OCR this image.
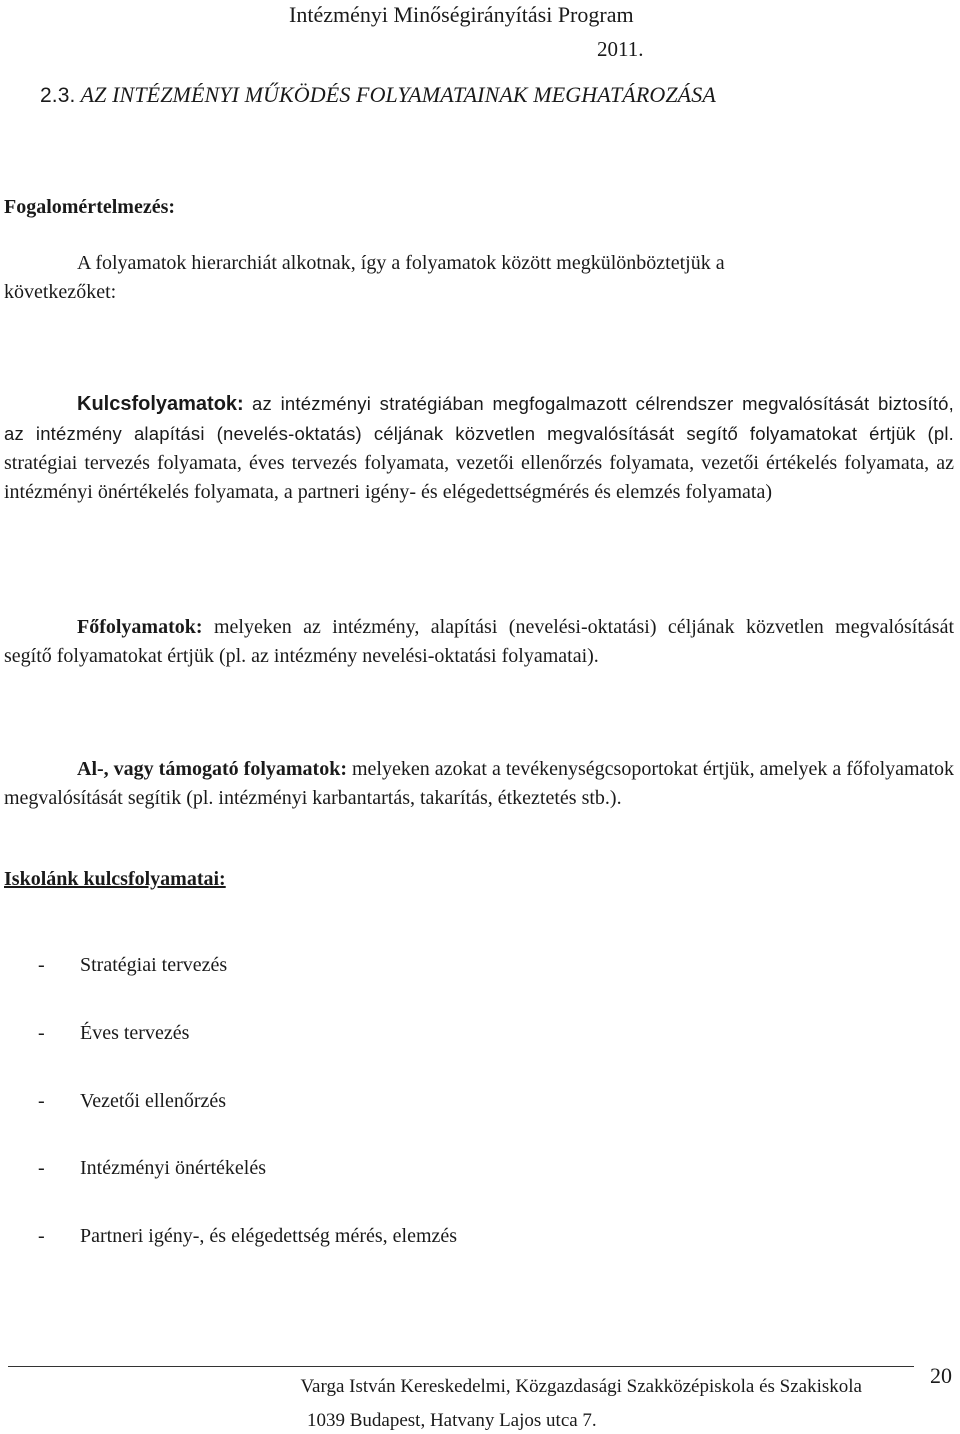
Intézményi Minőségirányítási Program
2011.
2.3. AZ INTÉZMÉNYI MŰKÖDÉS FOLYAMATAINAK MEGHATÁROZÁSA
Fogalomértelmezés:
A folyamatok hierarchiát alkotnak, így a folyamatok között megkülönböztetjük a
következőket:
Kulcsfolyamatok: az intézményi stratégiában megfogalmazott célrendszer megvalósítását biztosító, az intézmény alapítási (nevelés-oktatás) céljának közvetlen megvalósítását segítő folyamatokat értjük (pl. stratégiai tervezés folyamata, éves tervezés folyamata, vezetői ellenőrzés folyamata, vezetői értékelés folyamata, az intézményi önértékelés folyamata, a partneri igény- és elégedettségmérés és elemzés folyamata)
Főfolyamatok: melyeken az intézmény, alapítási (nevelési-oktatási) céljának közvetlen megvalósítását segítő folyamatokat értjük (pl. az intézmény nevelési-oktatási folyamatai).
Al-, vagy támogató folyamatok: melyeken azokat a tevékenységcsoportokat értjük, amelyek a főfolyamatok megvalósítását segítik (pl. intézményi karbantartás, takarítás, étkeztetés stb.).
Iskolánk kulcsfolyamatai:
- Stratégiai tervezés
- Éves tervezés
- Vezetői ellenőrzés
- Intézményi önértékelés
- Partneri igény-, és elégedettség mérés, elemzés
Varga István Kereskedelmi, Közgazdasági Szakközépiskola és Szakiskola
1039 Budapest, Hatvany Lajos utca 7.
20
